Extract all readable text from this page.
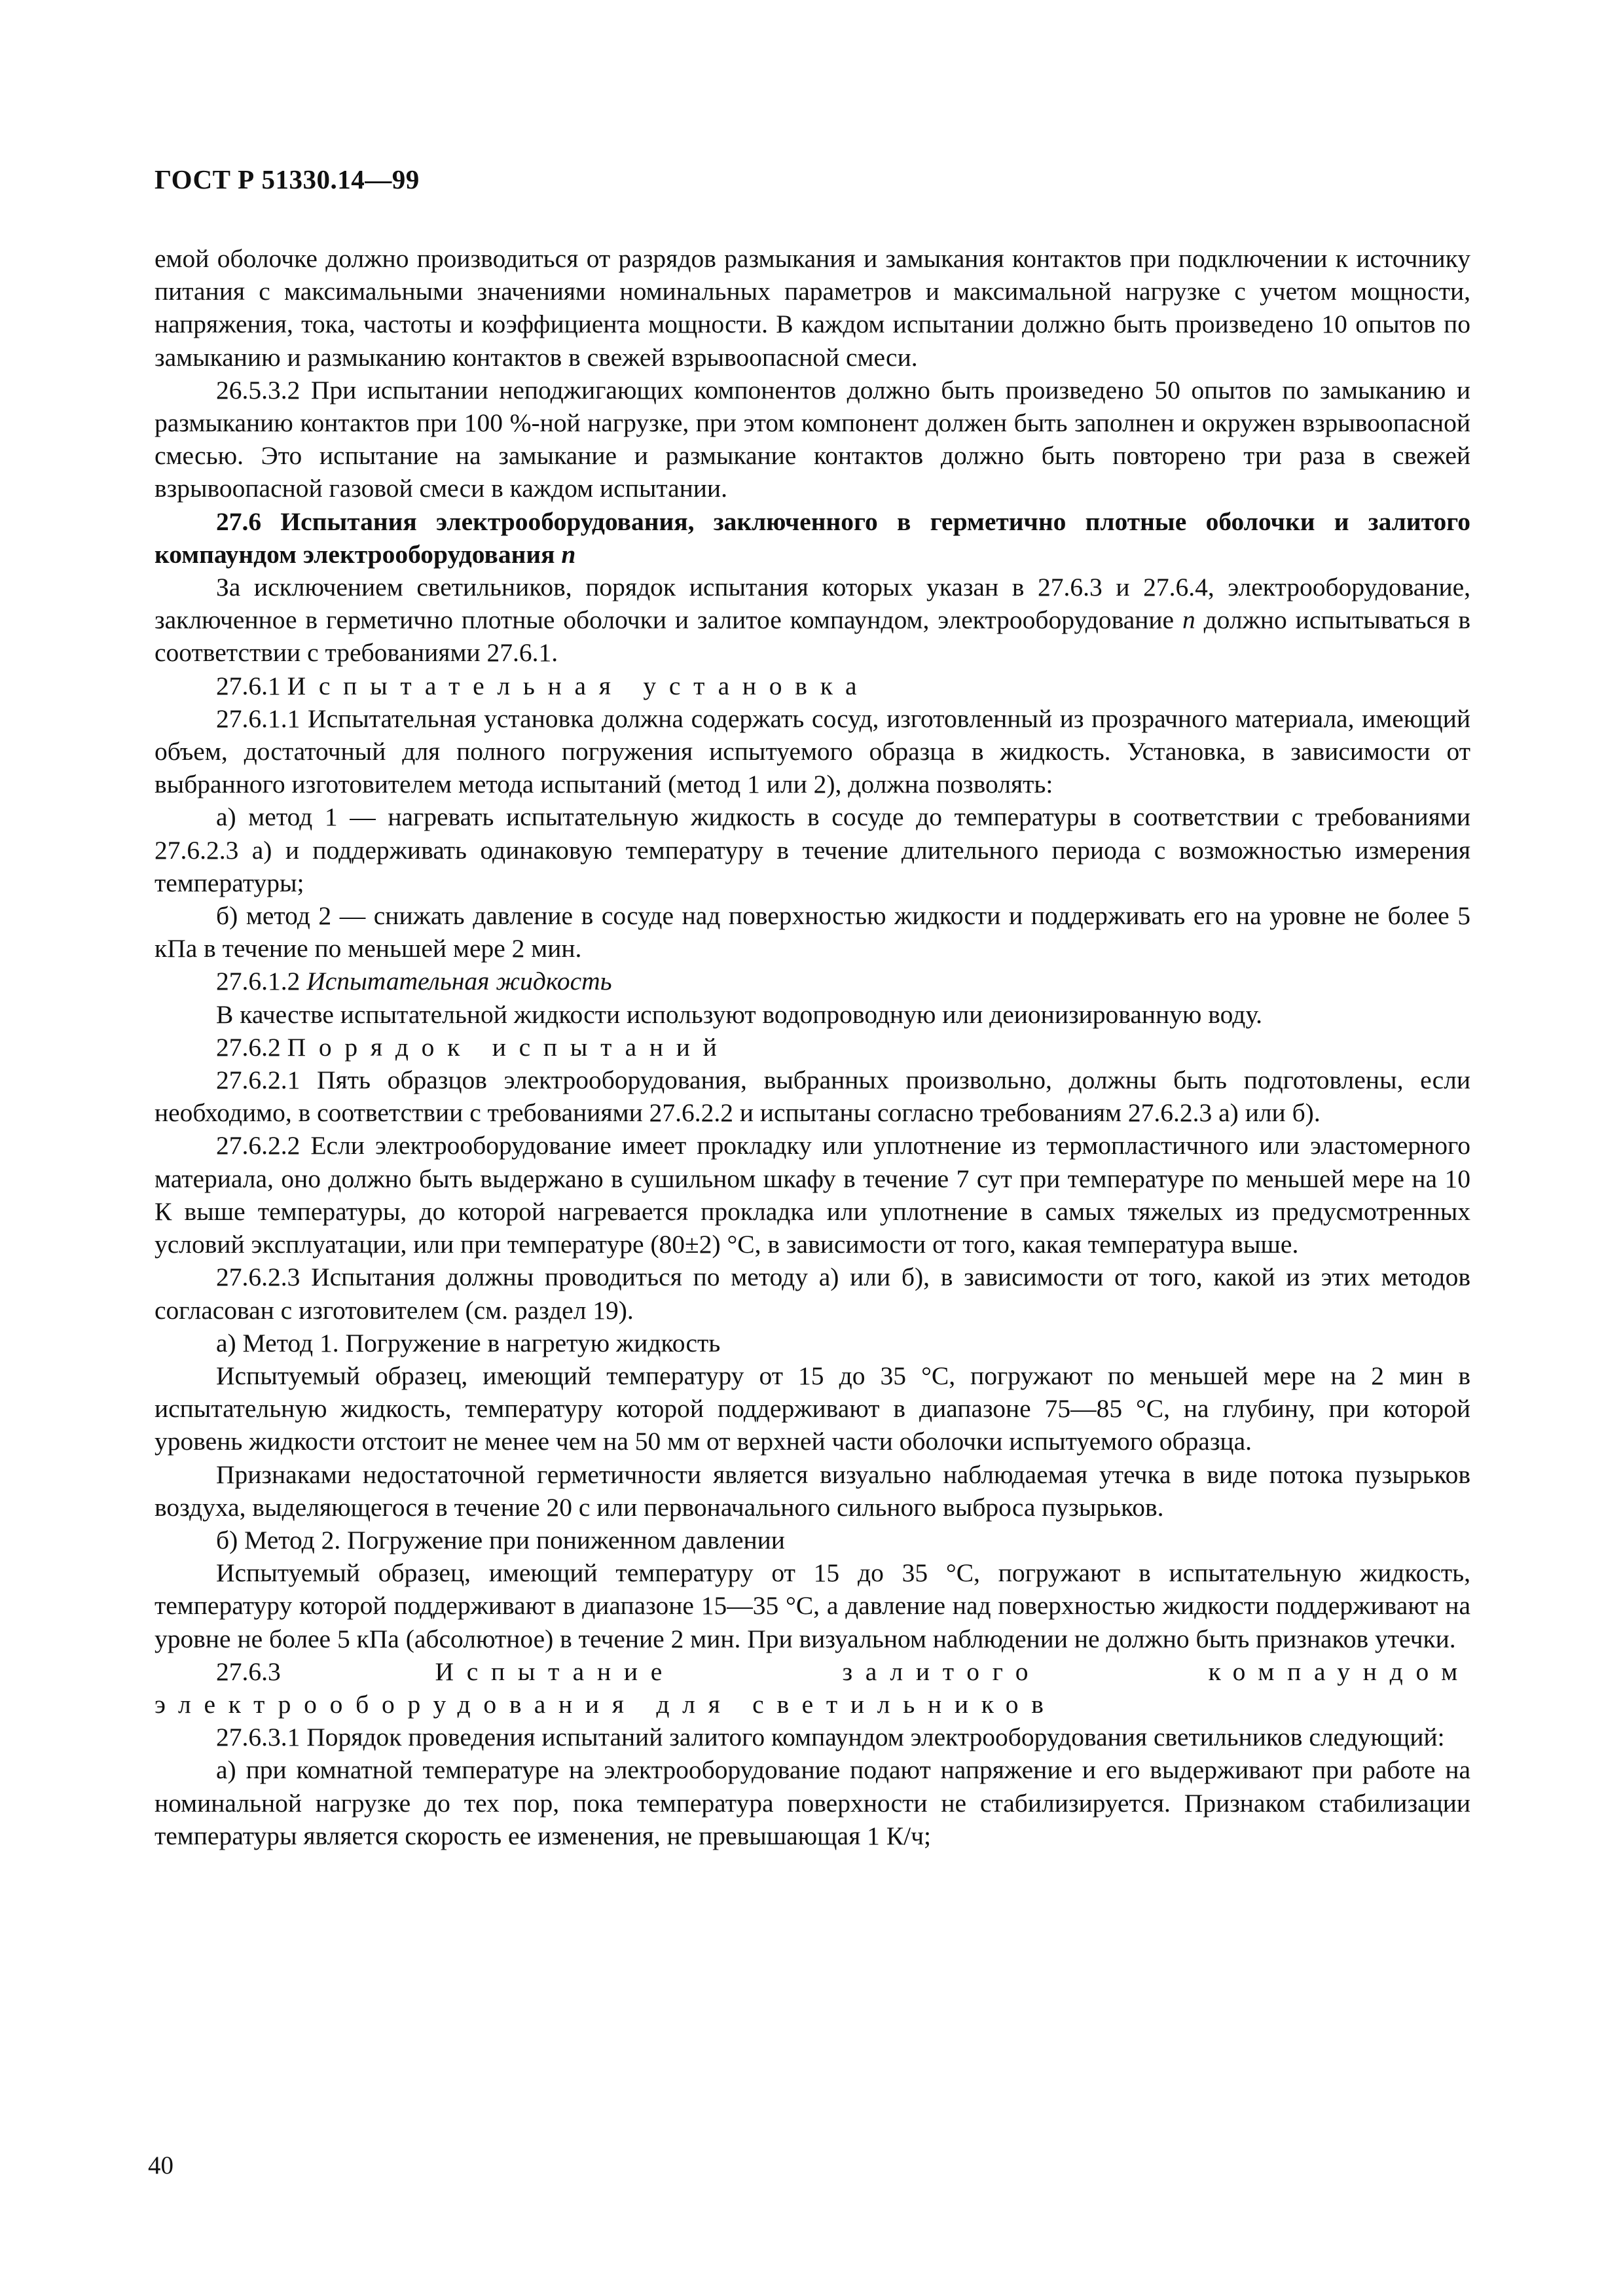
ГОСТ Р 51330.14—99

емой оболочке должно производиться от разрядов размыкания и замыкания контактов при подключении к источнику питания с максимальными значениями номинальных параметров и максимальной нагрузке с учетом мощности, напряжения, тока, частоты и коэффициента мощности. В каждом испытании должно быть произведено 10 опытов по замыканию и размыканию контактов в свежей взрывоопасной смеси.

26.5.3.2 При испытании неподжигающих компонентов должно быть произведено 50 опытов по замыканию и размыканию контактов при 100 %-ной нагрузке, при этом компонент должен быть заполнен и окружен взрывоопасной смесью. Это испытание на замыкание и размыкание контактов должно быть повторено три раза в свежей взрывоопасной газовой смеси в каждом испытании.

27.6 Испытания электрооборудования, заключенного в герметично плотные оболочки и залитого компаундом электрооборудования n

За исключением светильников, порядок испытания которых указан в 27.6.3 и 27.6.4, электрооборудование, заключенное в герметично плотные оболочки и залитое компаундом, электрооборудование n должно испытываться в соответствии с требованиями 27.6.1.

27.6.1 Испытательная установка

27.6.1.1 Испытательная установка должна содержать сосуд, изготовленный из прозрачного материала, имеющий объем, достаточный для полного погружения испытуемого образца в жидкость. Установка, в зависимости от выбранного изготовителем метода испытаний (метод 1 или 2), должна позволять:

а) метод 1 — нагревать испытательную жидкость в сосуде до температуры в соответствии с требованиями 27.6.2.3 а) и поддерживать одинаковую температуру в течение длительного периода с возможностью измерения температуры;

б) метод 2 — снижать давление в сосуде над поверхностью жидкости и поддерживать его на уровне не более 5 кПа в течение по меньшей мере 2 мин.

27.6.1.2 Испытательная жидкость

В качестве испытательной жидкости используют водопроводную или деионизированную воду.

27.6.2 Порядок испытаний

27.6.2.1 Пять образцов электрооборудования, выбранных произвольно, должны быть подготовлены, если необходимо, в соответствии с требованиями 27.6.2.2 и испытаны согласно требованиям 27.6.2.3 а) или б).

27.6.2.2 Если электрооборудование имеет прокладку или уплотнение из термопластичного или эластомерного материала, оно должно быть выдержано в сушильном шкафу в течение 7 сут при температуре по меньшей мере на 10 К выше температуры, до которой нагревается прокладка или уплотнение в самых тяжелых из предусмотренных условий эксплуатации, или при температуре (80±2) °С, в зависимости от того, какая температура выше.

27.6.2.3 Испытания должны проводиться по методу а) или б), в зависимости от того, какой из этих методов согласован с изготовителем (см. раздел 19).

а) Метод 1. Погружение в нагретую жидкость

Испытуемый образец, имеющий температуру от 15 до 35 °С, погружают по меньшей мере на 2 мин в испытательную жидкость, температуру которой поддерживают в диапазоне 75—85 °С, на глубину, при которой уровень жидкости отстоит не менее чем на 50 мм от верхней части оболочки испытуемого образца.

Признаками недостаточной герметичности является визуально наблюдаемая утечка в виде потока пузырьков воздуха, выделяющегося в течение 20 с или первоначального сильного выброса пузырьков.

б) Метод 2. Погружение при пониженном давлении

Испытуемый образец, имеющий температуру от 15 до 35 °С, погружают в испытательную жидкость, температуру которой поддерживают в диапазоне 15—35 °С, а давление над поверхностью жидкости поддерживают на уровне не более 5 кПа (абсолютное) в течение 2 мин. При визуальном наблюдении не должно быть признаков утечки.

27.6.3	Испытание залитого компаундом электрооборудования для светильников

27.6.3.1 Порядок проведения испытаний залитого компаундом электрооборудования светильников следующий:

а) при комнатной температуре на электрооборудование подают напряжение и его выдерживают при работе на номинальной нагрузке до тех пор, пока температура поверхности не стабилизируется. Признаком стабилизации температуры является скорость ее изменения, не превышающая 1 К/ч;

40
